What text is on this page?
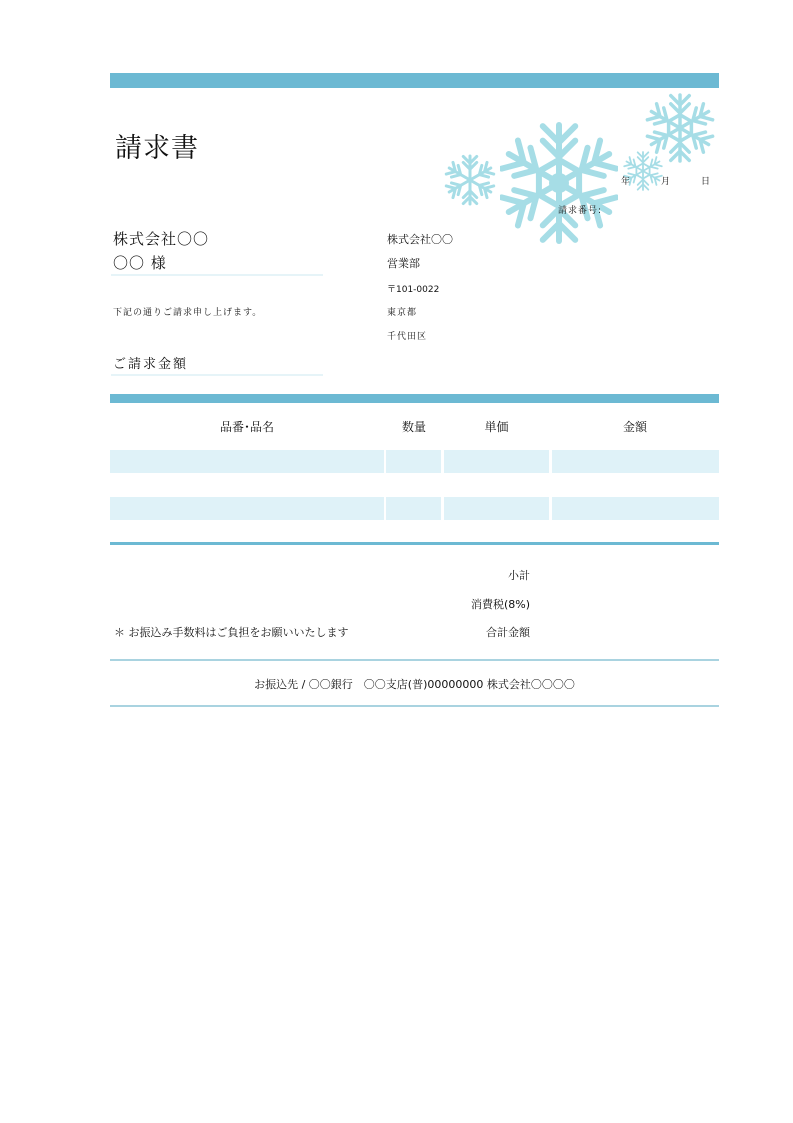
請求書
年	月	日
請求番号:
株式会社〇〇
〇〇 様
下記の通りご請求申し上げます。
ご請求金額
株式会社〇〇
営業部
〒101-0022
東京都
千代田区
品番･品名	数量	単価	金額
小計
消費税(8%)
合計金額
＊ お振込み手数料はご負担をお願いいたします
お振込先 / 〇〇銀行　〇〇支店(普)00000000 株式会社〇〇〇〇
